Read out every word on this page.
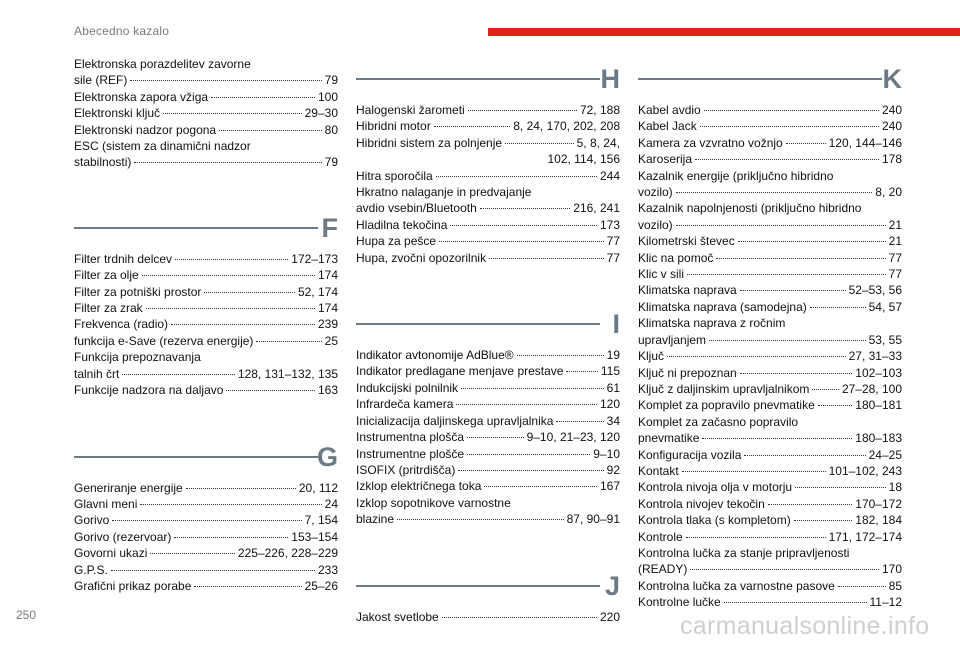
Abecedno kazalo
Elektronska porazdelitev zavorne
sile (REF)	79
Elektronska zapora vžiga	100
Elektronski ključ	29–30
Elektronski nadzor pogona	80
ESC (sistem za dinamični nadzor
stabilnosti)	79
F
Filter trdnih delcev	172–173
Filter za olje	174
Filter za potniški prostor	52, 174
Filter za zrak	174
Frekvenca (radio)	239
funkcija e-Save (rezerva energije)	25
Funkcija prepoznavanja
talnih črt	128, 131–132, 135
Funkcije nadzora na daljavo	163
G
Generiranje energije	20, 112
Glavni meni	24
Gorivo	7, 154
Gorivo (rezervoar)	153–154
Govorni ukazi	225–226, 228–229
G.P.S.	233
Grafični prikaz porabe	25–26
H
Halogenski žarometi	72, 188
Hibridni motor	8, 24, 170, 202, 208
Hibridni sistem za polnjenje	5, 8, 24,
102, 114, 156
Hitra sporočila	244
Hkratno nalaganje in predvajanje
avdio vsebin/Bluetooth	216, 241
Hladilna tekočina	173
Hupa za pešce	77
Hupa, zvočni opozorilnik	77
I
Indikator avtonomije AdBlue®	19
Indikator predlagane menjave prestave	115
Indukcijski polnilnik	61
Infrardeča kamera	120
Inicializacija daljinskega upravljalnika	34
Instrumentna plošča	9–10, 21–23, 120
Instrumentne plošče	9–10
ISOFIX (pritrdišča)	92
Izklop električnega toka	167
Izklop sopotnikove varnostne
blazine	87, 90–91
J
Jakost svetlobe	220
K
Kabel avdio	240
Kabel Jack	240
Kamera za vzvratno vožnjo	120, 144–146
Karoserija	178
Kazalnik energije (priključno hibridno
vozilo)	8, 20
Kazalnik napolnjenosti (priključno hibridno
vozilo)	21
Kilometrski števec	21
Klic na pomoč	77
Klic v sili	77
Klimatska naprava	52–53, 56
Klimatska naprava (samodejna)	54, 57
Klimatska naprava z ročnim
upravljanjem	53, 55
Ključ	27, 31–33
Ključ ni prepoznan	102–103
Ključ z daljinskim upravljalnikom	27–28, 100
Komplet za popravilo pnevmatike	180–181
Komplet za začasno popravilo
pnevmatike	180–183
Konfiguracija vozila	24–25
Kontakt	101–102, 243
Kontrola nivoja olja v motorju	18
Kontrola nivojev tekočin	170–172
Kontrola tlaka (s kompletom)	182, 184
Kontrole	171, 172–174
Kontrolna lučka za stanje pripravljenosti
(READY)	170
Kontrolna lučka za varnostne pasove	85
Kontrolne lučke	11–12
250	carmanualsonline.info
